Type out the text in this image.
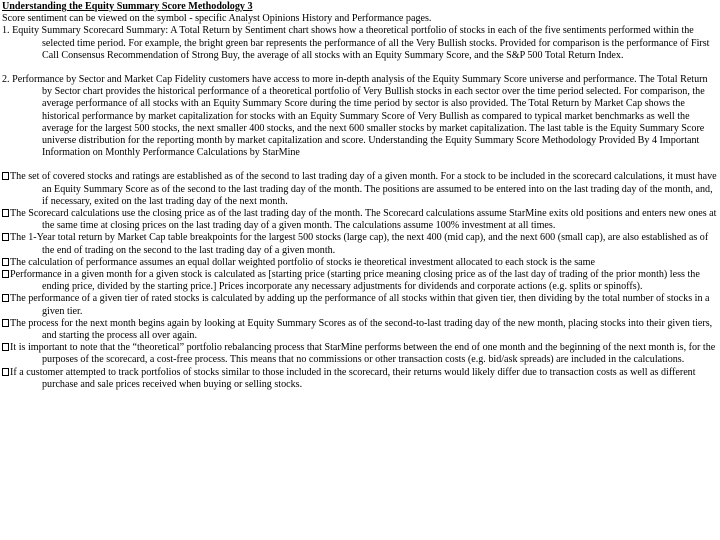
Understanding the Equity Summary Score Methodology 3

Score sentiment can be viewed on the symbol - specific Analyst Opinions History and Performance pages.

1. Equity Summary Scorecard Summary: A Total Return by Sentiment chart shows how a theoretical portfolio of stocks in each of the five sentiments performed within the selected time period. For example, the bright green bar represents the performance of all the Very Bullish stocks. Provided for comparison is the performance of First Call Consensus Recommendation of Strong Buy, the average of all stocks with an Equity Summary Score, and the S&P 500 Total Return Index.

2. Performance by Sector and Market Cap Fidelity customers have access to more in-depth analysis of the Equity Summary Score universe and performance. The Total Return by Sector chart provides the historical performance of a theoretical portfolio of Very Bullish stocks in each sector over the time period selected. For comparison, the average performance of all stocks with an Equity Summary Score during the time period by sector is also provided. The Total Return by Market Cap shows the historical performance by market capitalization for stocks with an Equity Summary Score of Very Bullish as compared to typical market benchmarks as well the average for the largest 500 stocks, the next smaller 400 stocks, and the next 600 smaller stocks by market capitalization. The last table is the Equity Summary Score universe distribution for the reporting month by market capitalization and score. Understanding the Equity Summary Score Methodology Provided By 4 Important Information on Monthly Performance Calculations by StarMine

The set of covered stocks and ratings are established as of the second to last trading day of a given month. For a stock to be included in the scorecard calculations, it must have an Equity Summary Score as of the second to the last trading day of the month. The positions are assumed to be entered into on the last trading day of the month, and, if necessary, exited on the last trading day of the next month.

The Scorecard calculations use the closing price as of the last trading day of the month. The Scorecard calculations assume StarMine exits old positions and enters new ones at the same time at closing prices on the last trading day of a given month. The calculations assume 100% investment at all times.

The 1-Year total return by Market Cap table breakpoints for the largest 500 stocks (large cap), the next 400 (mid cap), and the next 600 (small cap), are also established as of the end of trading on the second to the last trading day of a given month.

The calculation of performance assumes an equal dollar weighted portfolio of stocks ie theoretical investment allocated to each stock is the same

Performance in a given month for a given stock is calculated as [starting price (starting price meaning closing price as of the last day of trading of the prior month) less the ending price, divided by the starting price.] Prices incorporate any necessary adjustments for dividends and corporate actions (e.g. splits or spinoffs).

The performance of a given tier of rated stocks is calculated by adding up the performance of all stocks within that given tier, then dividing by the total number of stocks in a given tier.

The process for the next month begins again by looking at Equity Summary Scores as of the second-to-last trading day of the new month, placing stocks into their given tiers, and starting the process all over again.

It is important to note that the “theoretical” portfolio rebalancing process that StarMine performs between the end of one month and the beginning of the next month is, for the purposes of the scorecard, a cost-free process. This means that no commissions or other transaction costs (e.g. bid/ask spreads) are included in the calculations.

If a customer attempted to track portfolios of stocks similar to those included in the scorecard, their returns would likely differ due to transaction costs as well as different purchase and sale prices received when buying or selling stocks.
